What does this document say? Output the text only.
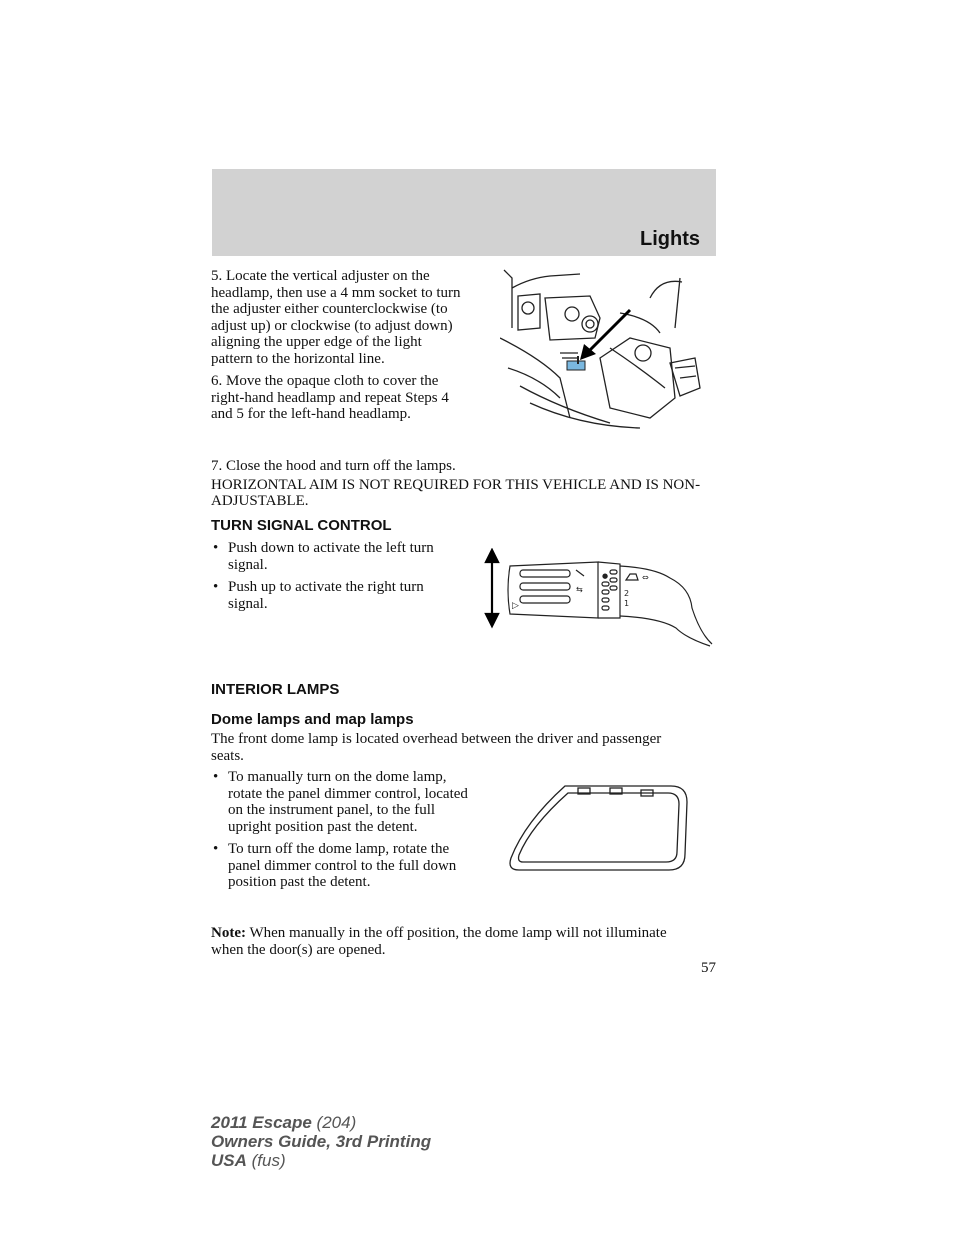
Lights

5. Locate the vertical adjuster on the headlamp, then use a 4 mm socket to turn the adjuster either counterclockwise (to adjust up) or clockwise (to adjust down) aligning the upper edge of the light pattern to the horizontal line.

6. Move the opaque cloth to cover the right-hand headlamp and repeat Steps 4 and 5 for the left-hand headlamp.

7. Close the hood and turn off the lamps.

HORIZONTAL AIM IS NOT REQUIRED FOR THIS VEHICLE AND IS NON-ADJUSTABLE.

TURN SIGNAL CONTROL
• Push down to activate the left turn signal.
• Push up to activate the right turn signal.
⇆
▷
●	⇔
2
1
INTERIOR LAMPS
Dome lamps and map lamps

The front dome lamp is located overhead between the driver and passenger seats.

• To manually turn on the dome lamp, rotate the panel dimmer control, located on the instrument panel, to the full upright position past the detent.
• To turn off the dome lamp, rotate the panel dimmer control to the full down position past the detent.

Note: When manually in the off position, the dome lamp will not illuminate when the door(s) are opened.

57
2011 Escape (204)
Owners Guide, 3rd Printing
USA (fus)
